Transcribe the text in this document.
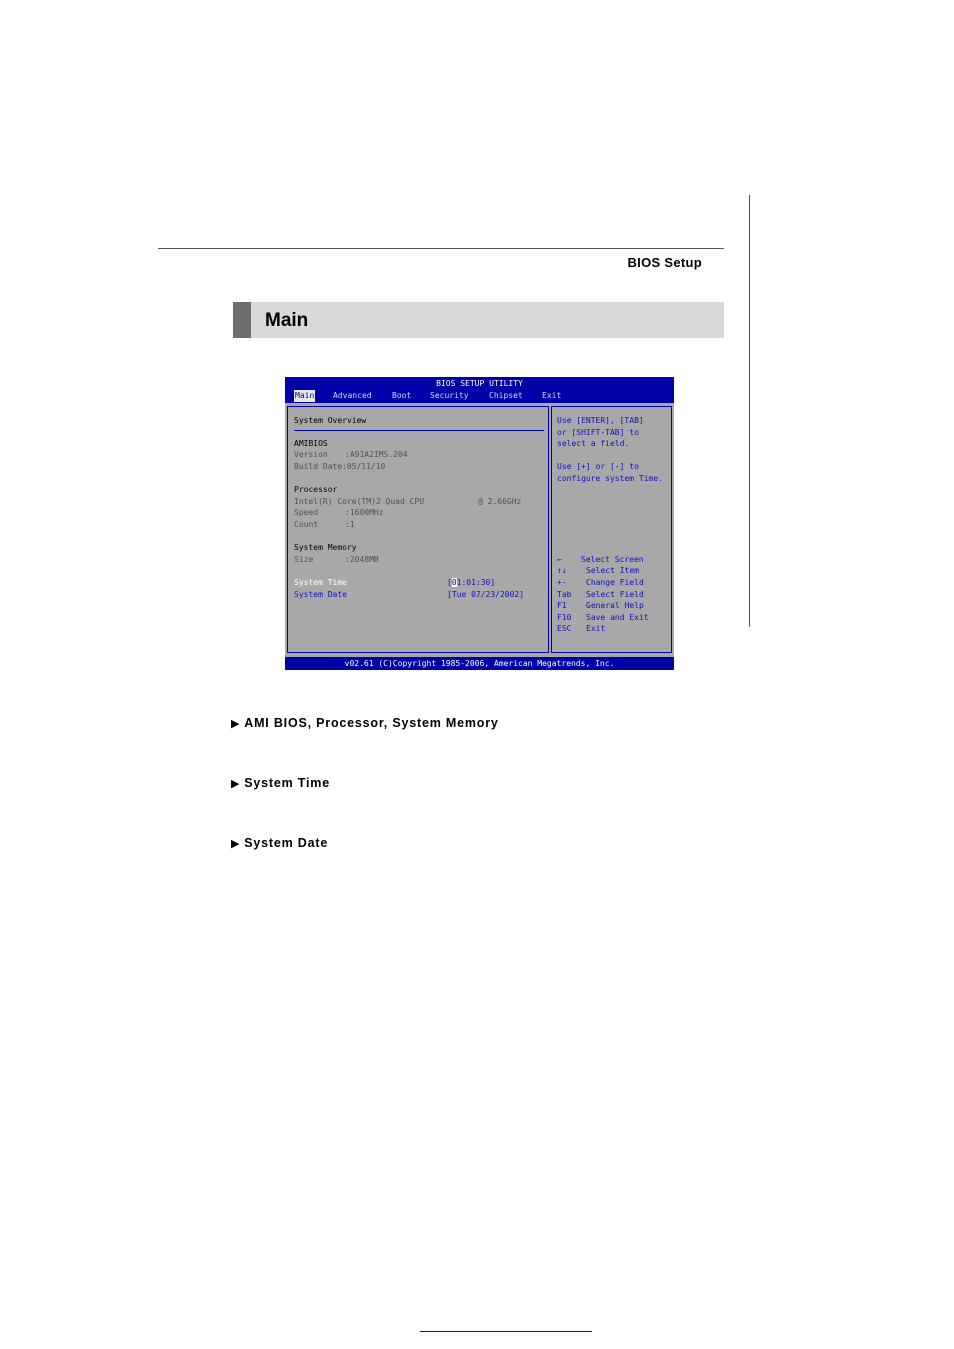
BIOS Setup
Main
BIOS SETUP UTILITY
Main Advanced	Boot Security	Chipset Exit
System Overview
AMIBIOS
Version :A91A2IMS.204
Build Date :05/11/10
Processor
Intel(R) Core(TM)2 Quad CPU	@ 2.66GHz
Speed	:1600MHz
Count	:1
System Memory
Size	:2048MB
System Time	[01:01:30]
System Date	[Tue 07/23/2002]
Use [ENTER], [TAB]
or [SHIFT-TAB] to
select a field.
Use [+] or [-] to
configure system Time.
← Select Screen
↑↓ Select Item
+- Change Field
Tab Select Field
F1 General Help
F10 Save and Exit
ESC Exit
v02.61 (C)Copyright 1985-2006, American Megatrends, Inc.
▶ AMI BIOS, Processor, System Memory
▶ System Time
▶ System Date
